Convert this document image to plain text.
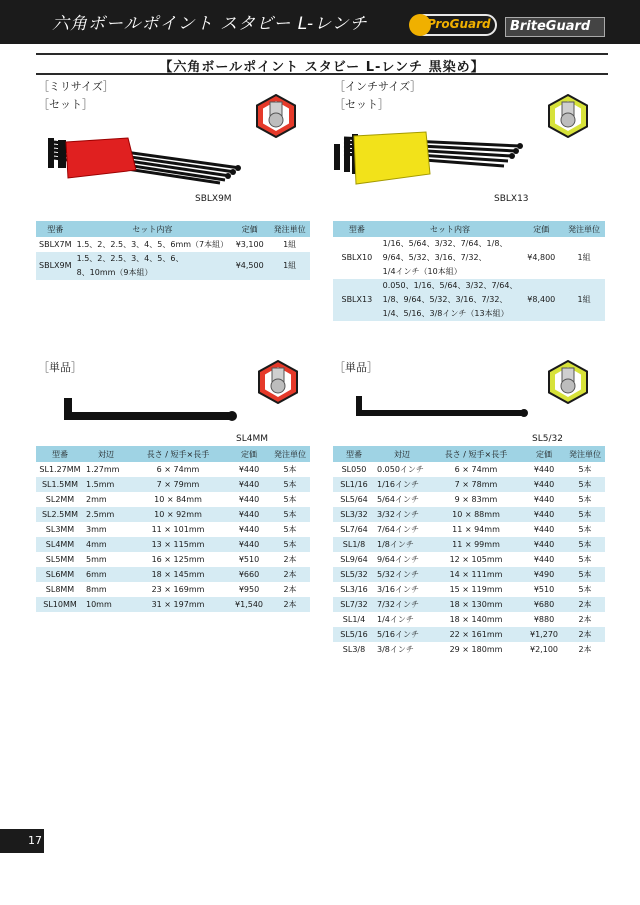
六角ボールポイント スタビー L-レンチ	ProGuard BriteGuard
【六角ボールポイント スタビー L-レンチ 黒染め】
［ミリサイズ］
［セット］
SBLX9M
型番	セット内容	定価	発注単位
SBLX7M	1.5、2、2.5、3、4、5、6mm（7本組）	¥3,100	1組
SBLX9M	1.5、2、2.5、3、4、5、6、
8、10mm（9本組）	¥4,500	1組
［単品］
SL4MM
型番	対辺	長さ / 短手×長手	定価	発注単位
SL1.27MM	1.27mm	6 × 74mm	¥440	5本
SL1.5MM	1.5mm	7 × 79mm	¥440	5本
SL2MM	2mm	10 × 84mm	¥440	5本
SL2.5MM	2.5mm	10 × 92mm	¥440	5本
SL3MM	3mm	11 × 101mm	¥440	5本
SL4MM	4mm	13 × 115mm	¥440	5本
SL5MM	5mm	16 × 125mm	¥510	2本
SL6MM	6mm	18 × 145mm	¥660	2本
SL8MM	8mm	23 × 169mm	¥950	2本
SL10MM	10mm	31 × 197mm	¥1,540	2本
［インチサイズ］
［セット］
SBLX13
型番	セット内容	定価	発注単位
SBLX10	1/16、5/64、3/32、7/64、1/8、
9/64、5/32、3/16、7/32、
1/4インチ（10本組）	¥4,800	1組
SBLX13	0.050、1/16、5/64、3/32、7/64、
1/8、9/64、5/32、3/16、7/32、
1/4、5/16、3/8インチ（13本組）	¥8,400	1組
［単品］
SL5/32
型番	対辺	長さ / 短手×長手	定価	発注単位
SL050	0.050インチ	6 × 74mm	¥440	5本
SL1/16	1/16インチ	7 × 78mm	¥440	5本
SL5/64	5/64インチ	9 × 83mm	¥440	5本
SL3/32	3/32インチ	10 × 88mm	¥440	5本
SL7/64	7/64インチ	11 × 94mm	¥440	5本
SL1/8	1/8インチ	11 × 99mm	¥440	5本
SL9/64	9/64インチ	12 × 105mm	¥440	5本
SL5/32	5/32インチ	14 × 111mm	¥490	5本
SL3/16	3/16インチ	15 × 119mm	¥510	5本
SL7/32	7/32インチ	18 × 130mm	¥680	2本
SL1/4	1/4インチ	18 × 140mm	¥880	2本
SL5/16	5/16インチ	22 × 161mm	¥1,270	2本
SL3/8	3/8インチ	29 × 180mm	¥2,100	2本
17
